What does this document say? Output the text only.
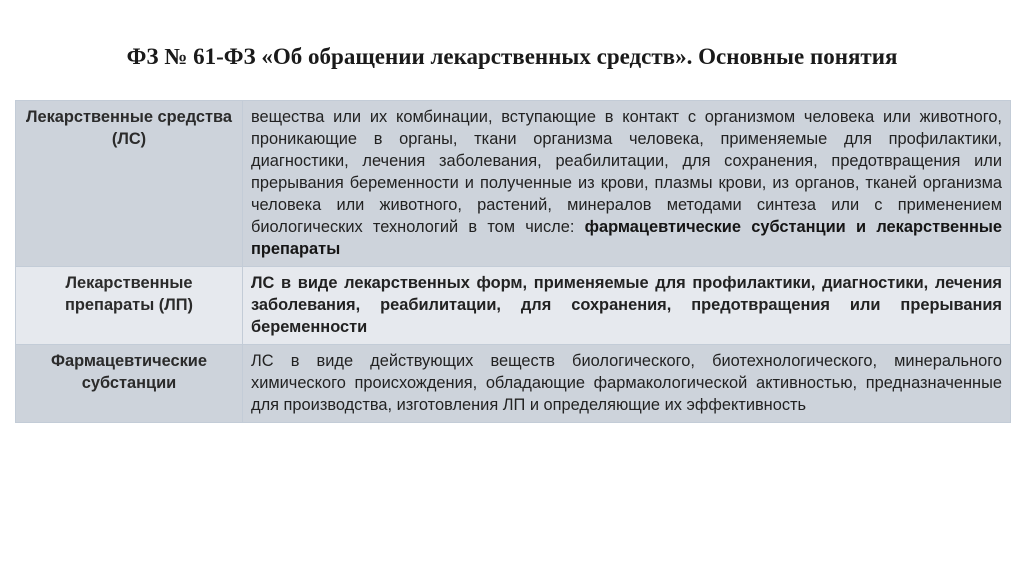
ФЗ № 61-ФЗ «Об обращении лекарственных средств». Основные понятия
Лекарственные средства (ЛС)	вещества или их комбинации, вступающие в контакт с организмом человека или животного, проникающие в органы, ткани организма человека, применяемые для профилактики, диагностики, лечения заболевания, реабилитации, для сохранения, предотвращения или прерывания беременности и полученные из крови, плазмы крови, из органов, тканей организма человека или животного, растений, минералов методами синтеза или с применением биологических технологий в том числе: фармацевтические субстанции и лекарственные препараты
Лекарственные препараты (ЛП)	ЛС в виде лекарственных форм, применяемые для профилактики, диагностики, лечения заболевания, реабилитации, для сохранения, предотвращения или прерывания беременности
Фармацевтические субстанции	ЛС в виде действующих веществ биологического, биотехнологического, минерального химического происхождения, обладающие фармакологической активностью, предназначенные для производства, изготовления ЛП и определяющие их эффективность
